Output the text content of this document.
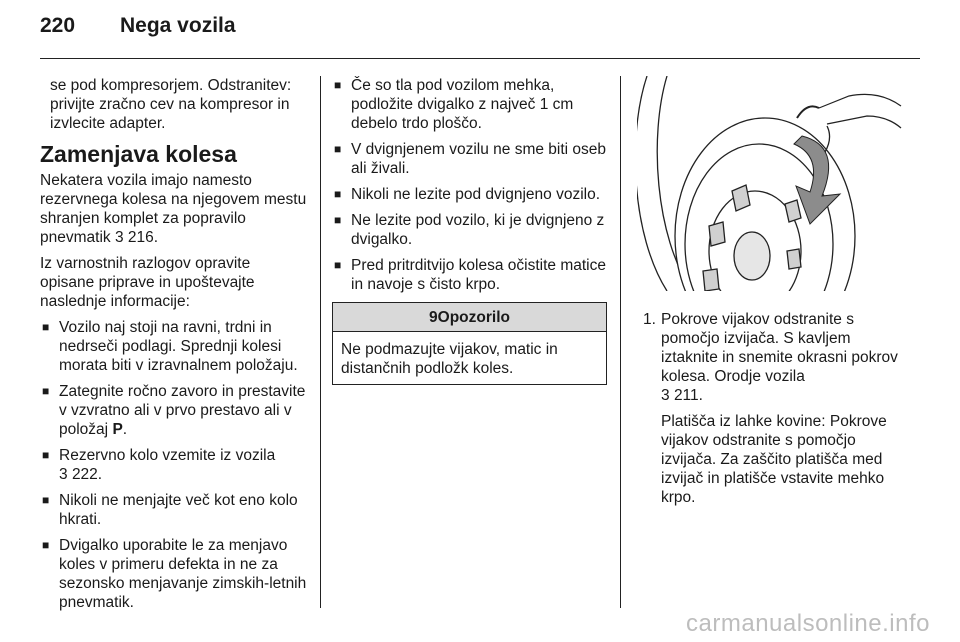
220	Nega vozila

se pod kompresorjem. Odstranitev: privijte zračno cev na kompresor in izvlecite adapter.

Zamenjava kolesa

Nekatera vozila imajo namesto rezervnega kolesa na njegovem mestu shranjen komplet za popravilo pnevmatik 3 216.

Iz varnostnih razlogov opravite opisane priprave in upoštevajte naslednje informacije:

■ Vozilo naj stoji na ravni, trdni in nedrseči podlagi. Sprednji kolesi morata biti v izravnalnem položaju.
■ Zategnite ročno zavoro in prestavite v vzvratno ali v prvo prestavo ali v položaj P.
■ Rezervno kolo vzemite iz vozila
3 222.
■ Nikoli ne menjajte več kot eno kolo hkrati.
■ Dvigalko uporabite le za menjavo koles v primeru defekta in ne za sezonsko menjavanje zimskih-letnih pnevmatik.
■ Če so tla pod vozilom mehka, podložite dvigalko z največ 1 cm debelo trdo ploščo.
■ V dvignjenem vozilu ne sme biti oseb ali živali.
■ Nikoli ne lezite pod dvignjeno vozilo.
■ Ne lezite pod vozilo, ki je dvignjeno z dvigalko.
■ Pred pritrditvijo kolesa očistite matice in navoje s čisto krpo.
9Opozorilo
Ne podmazujte vijakov, matic in distančnih podložk koles.

1. Pokrove vijakov odstranite s pomočjo izvijača. S kavljem iztaknite in snemite okrasni pokrov kolesa. Orodje vozila
3 211.

Platišča iz lahke kovine: Pokrove vijakov odstranite s pomočjo izvijača. Za zaščito platišča med izvijač in platišče vstavite mehko krpo.

carmanualsonline.info
